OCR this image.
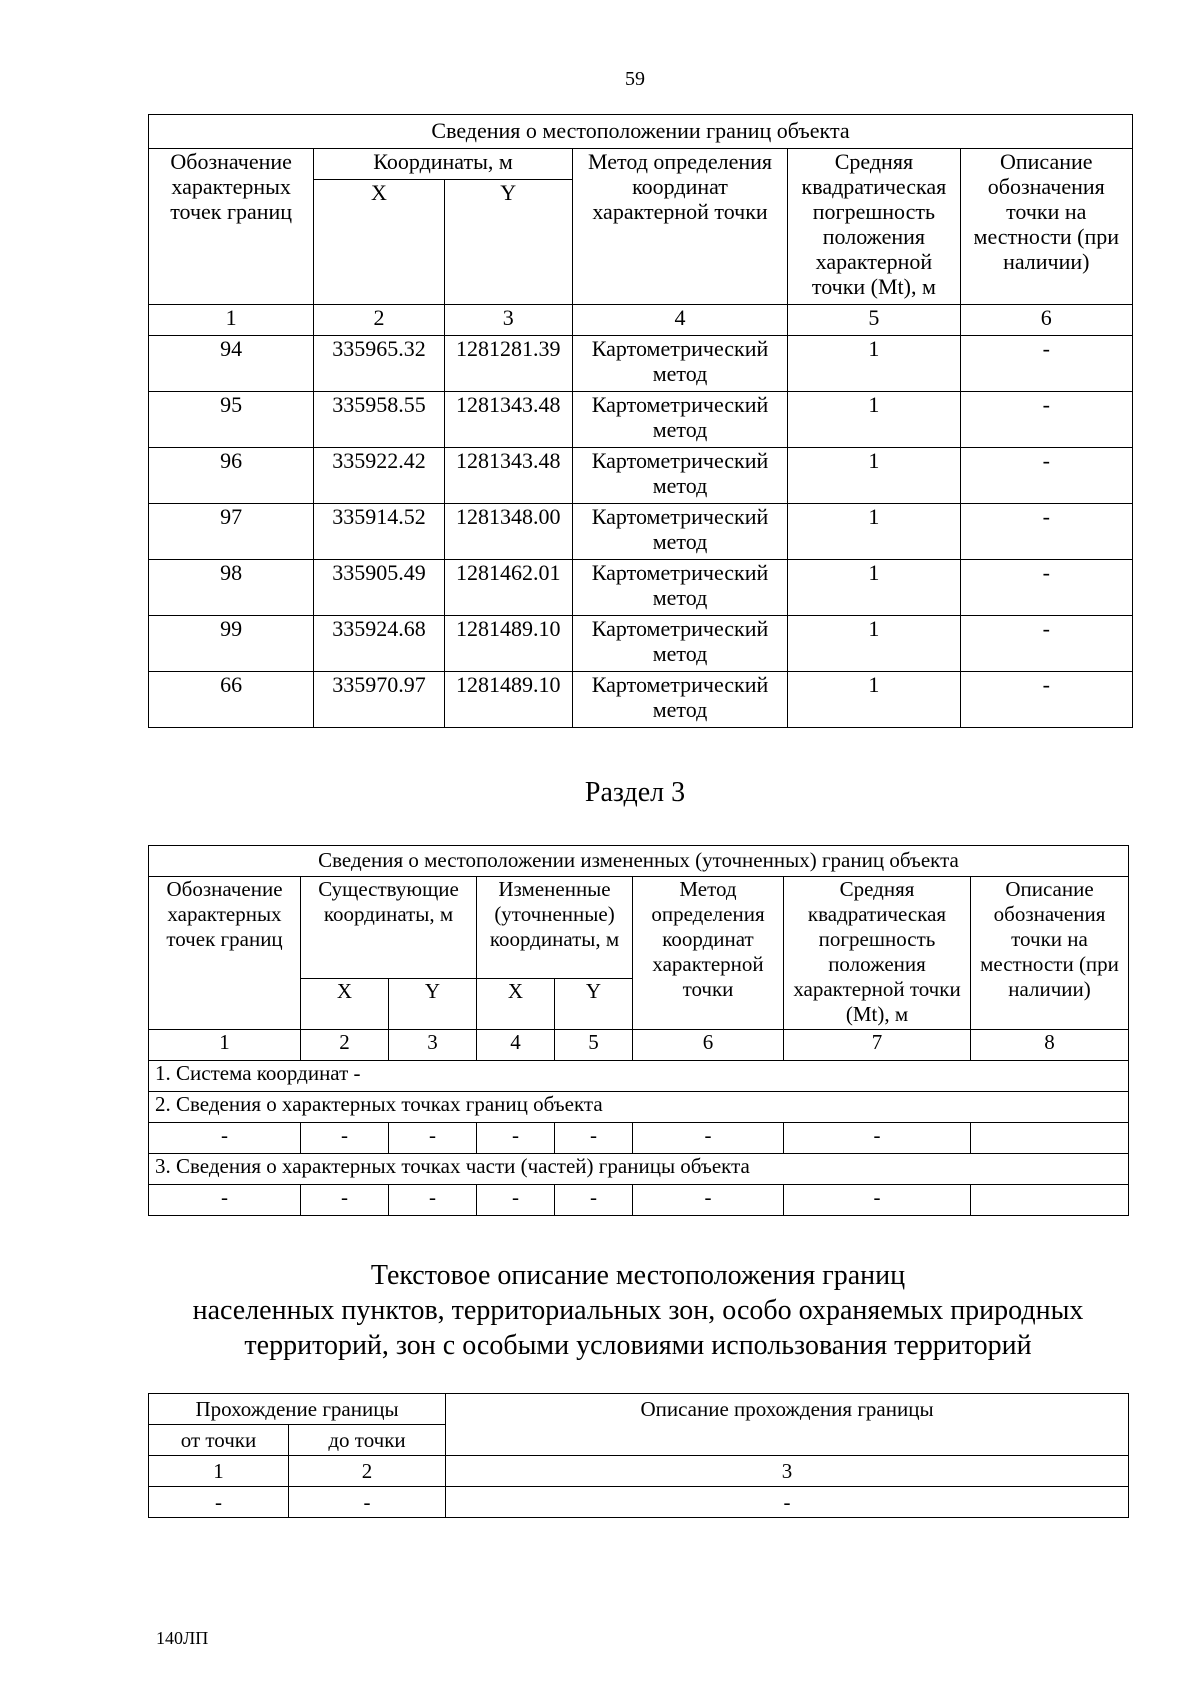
59
Сведения о местоположении границ объекта					
Обозначение характерных точек границ	Координаты, м		Метод определения координат характерной точки	Средняя квадратическая погрешность положения характерной точки (Mt), м	Описание обозначения точки на местности (при наличии)
	X	Y			
1	2	3	4	5	6
94	335965.32	1281281.39	Картометрический метод	1	-
95	335958.55	1281343.48	Картометрический метод	1	-
96	335922.42	1281343.48	Картометрический метод	1	-
97	335914.52	1281348.00	Картометрический метод	1	-
98	335905.49	1281462.01	Картометрический метод	1	-
99	335924.68	1281489.10	Картометрический метод	1	-
66	335970.97	1281489.10	Картометрический метод	1	-
Раздел 3
Сведения о местоположении измененных (уточненных) границ объекта							
Обозначение характерных точек границ	Существующие координаты, м		Измененные (уточненные) координаты, м		Метод определения координат характерной точки	Средняя квадратическая погрешность положения характерной точки (Mt), м	Описание обозначения точки на местности (при наличии)
	X	Y	X	Y			
1	2	3	4	5	6	7	8
1. Система координат -							
2. Сведения о характерных точках границ объекта							
-	-	-	-	-	-	-	
3. Сведения о характерных точках части (частей) границы объекта							
-	-	-	-	-	-	-	
Текстовое описание местоположения границ
населенных пунктов, территориальных зон, особо охраняемых природных
территорий, зон с особыми условиями использования территорий
Прохождение границы		Описание прохождения границы
от точки	до точки	
1	2	3
-	-	-
140ЛП
